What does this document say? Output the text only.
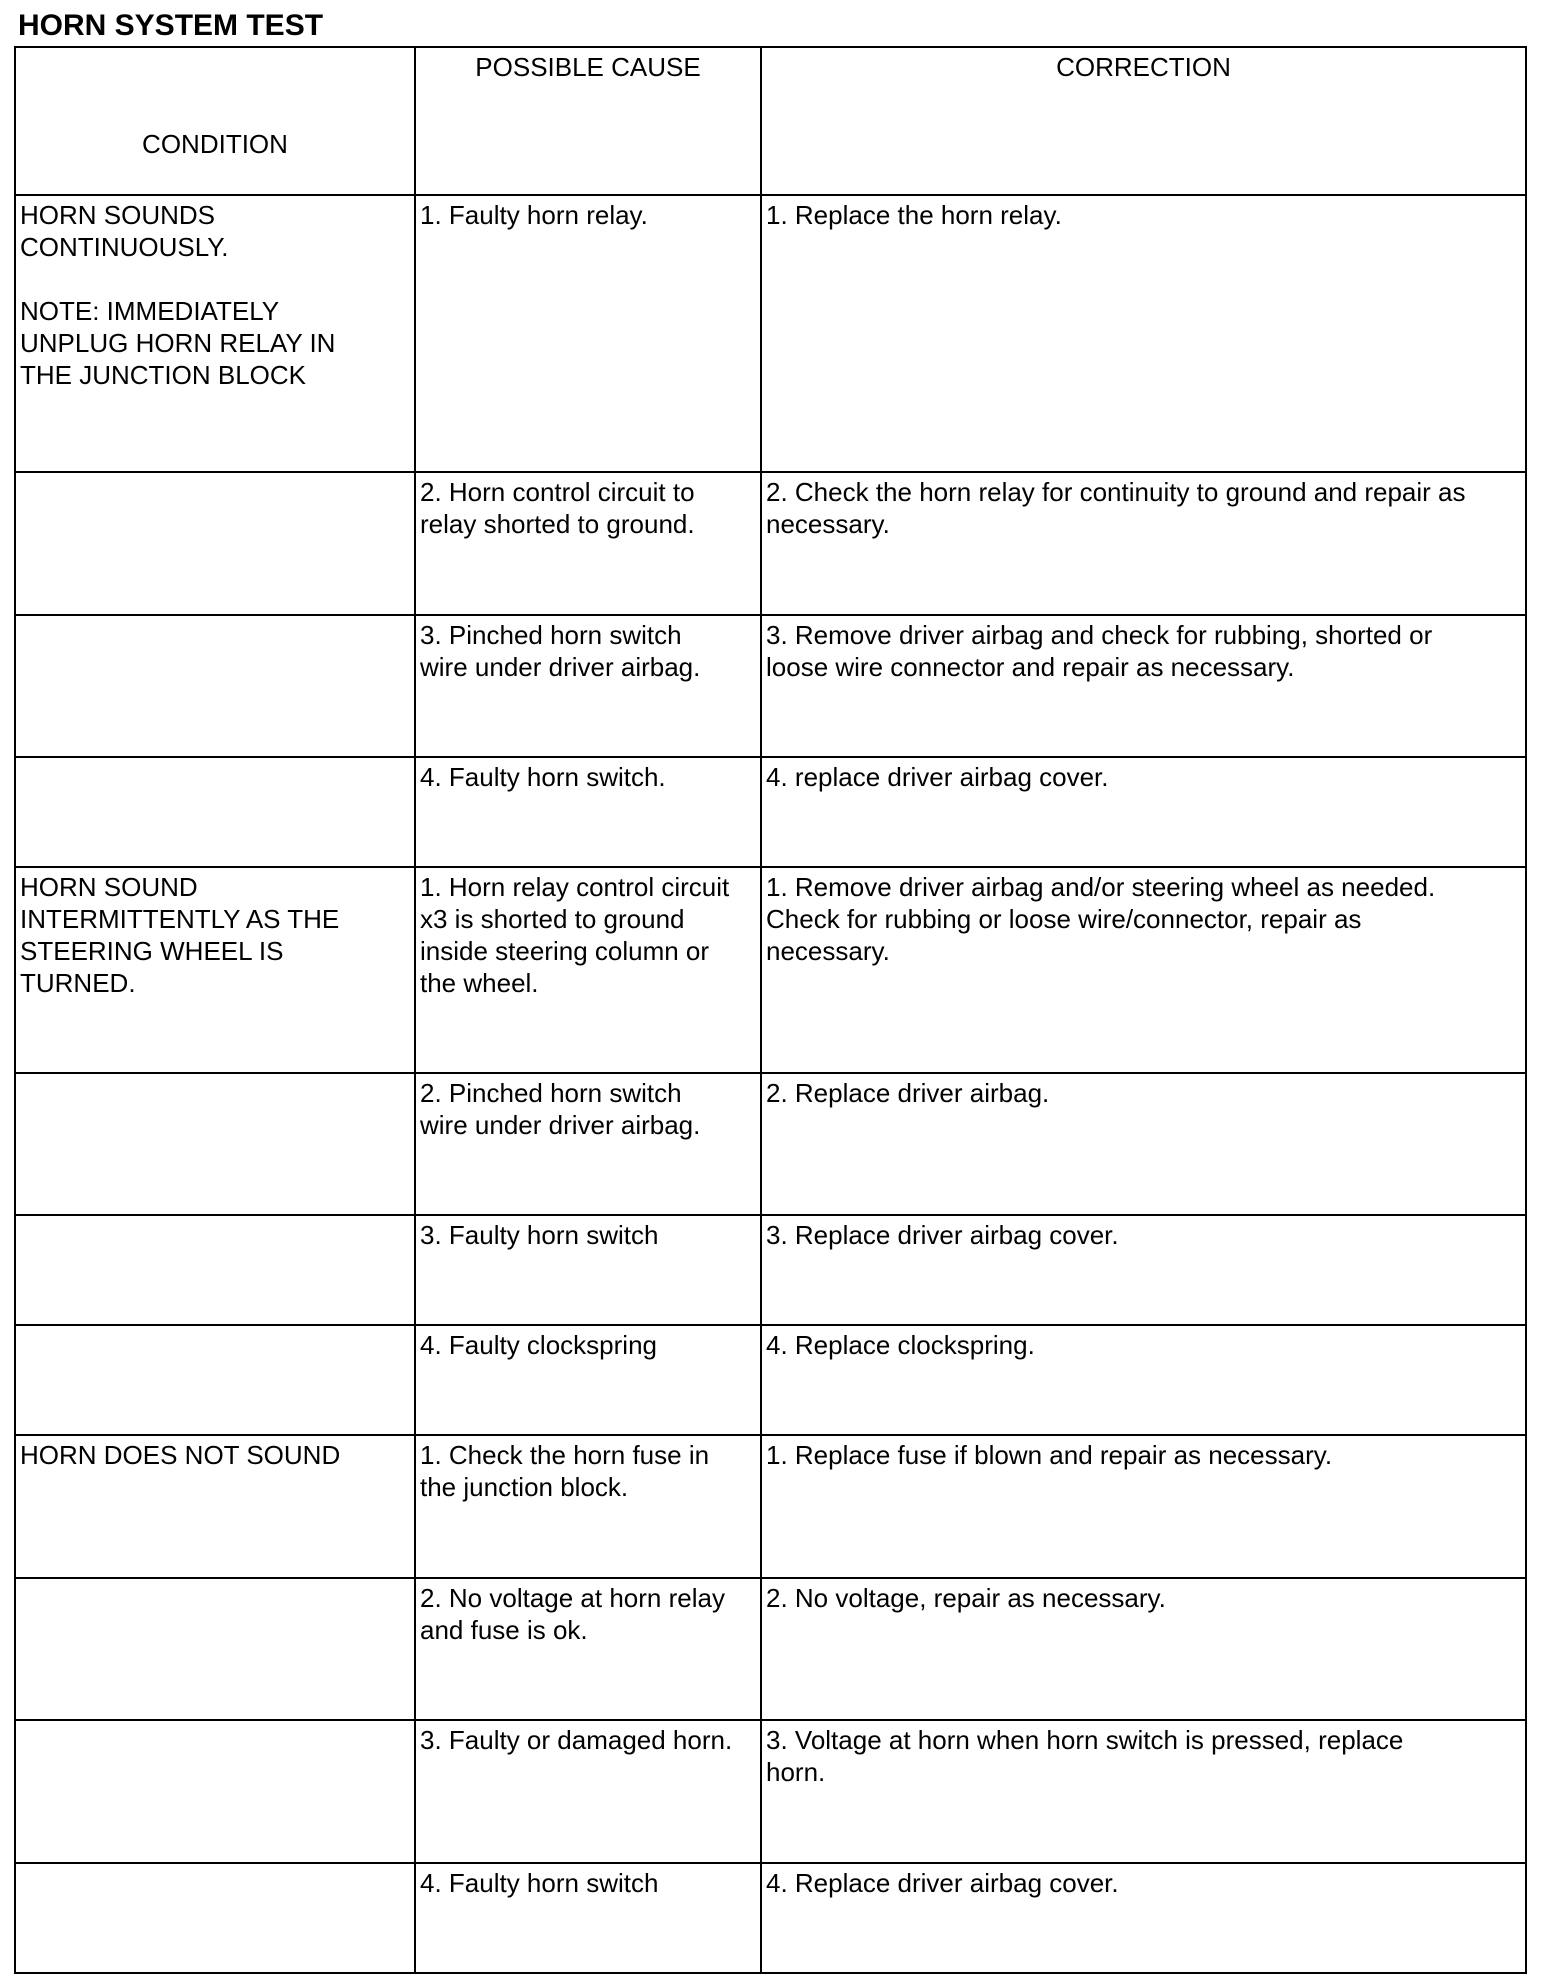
HORN SYSTEM TEST
CONDITION	POSSIBLE CAUSE	CORRECTION

HORN SOUNDS
CONTINUOUSLY.

NOTE: IMMEDIATELY
UNPLUG HORN RELAY IN
THE JUNCTION BLOCK	1. Faulty horn relay.	1. Replace the horn relay.

	2. Horn control circuit to
relay shorted to ground.	2. Check the horn relay for continuity to ground and repair as
necessary.

	3. Pinched horn switch
wire under driver airbag.	3. Remove driver airbag and check for rubbing, shorted or
loose wire connector and repair as necessary.

	4. Faulty horn switch.	4. replace driver airbag cover.

HORN SOUND
INTERMITTENTLY AS THE
STEERING WHEEL IS
TURNED.	1. Horn relay control circuit
x3 is shorted to ground
inside steering column or
the wheel.	1. Remove driver airbag and/or steering wheel as needed.
Check for rubbing or loose wire/connector, repair as
necessary.

	2. Pinched horn switch
wire under driver airbag.	2. Replace driver airbag.

	3. Faulty horn switch	3. Replace driver airbag cover.

	4. Faulty clockspring	4. Replace clockspring.

HORN DOES NOT SOUND	1. Check the horn fuse in
the junction block.	1. Replace fuse if blown and repair as necessary.

	2. No voltage at horn relay
and fuse is ok.	2. No voltage, repair as necessary.

	3. Faulty or damaged horn.	3. Voltage at horn when horn switch is pressed, replace
horn.

	4. Faulty horn switch	4. Replace driver airbag cover.
